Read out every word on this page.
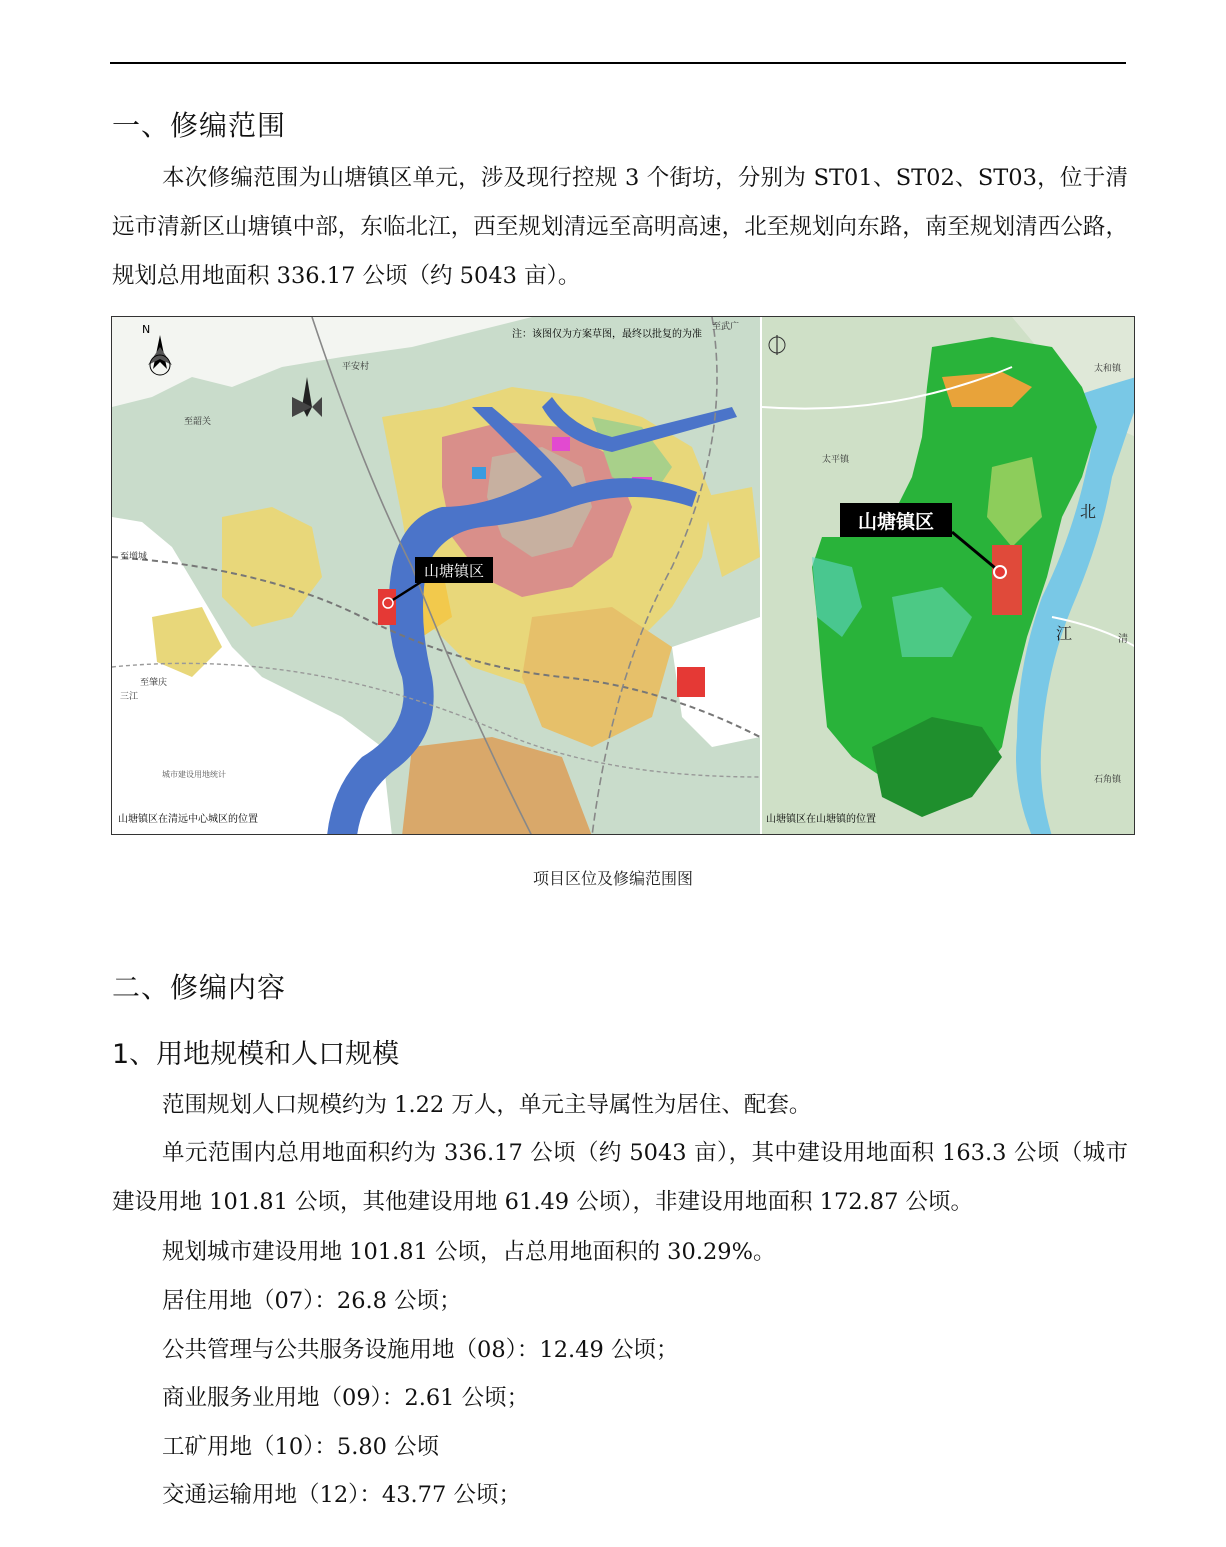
一、修编范围
本次修编范围为山塘镇区单元，涉及现行控规 3 个街坊，分别为 ST01、ST02、ST03，位于清远市清新区山塘镇中部，东临北江，西至规划清远至高明高速，北至规划向东路，南至规划清西公路，规划总用地面积 336.17 公顷（约 5043 亩）。
N
山塘镇区
注：该图仅为方案草图，最终以批复的为准
至韶关
平安村
至武广
至增城
至肇庆
三江
城市建设用地统计
山塘镇区在清远中心城区的位置
山塘镇区	北
江
太和镇
太平镇
石角镇
清
山塘镇区在山塘镇的位置
项目区位及修编范围图
二、修编内容
1、用地规模和人口规模
范围规划人口规模约为 1.22 万人，单元主导属性为居住、配套。
单元范围内总用地面积约为 336.17 公顷（约 5043 亩），其中建设用地面积 163.3 公顷（城市建设用地 101.81 公顷，其他建设用地 61.49 公顷），非建设用地面积 172.87 公顷。
规划城市建设用地 101.81 公顷，占总用地面积的 30.29%。
居住用地（07）：26.8 公顷；
公共管理与公共服务设施用地（08）：12.49 公顷；
商业服务业用地（09）：2.61 公顷；
工矿用地（10）：5.80 公顷
交通运输用地（12）：43.77 公顷；
